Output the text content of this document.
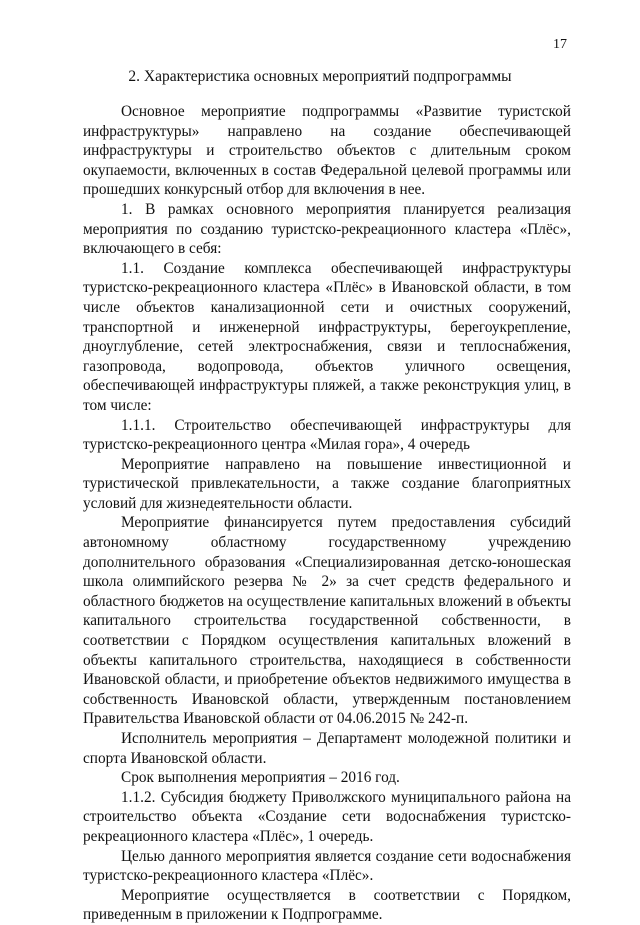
17
2. Характеристика основных мероприятий подпрограммы

Основное мероприятие подпрограммы «Развитие туристской инфраструктуры» направлено на создание обеспечивающей инфраструктуры и строительство объектов с длительным сроком окупаемости, включенных в состав Федеральной целевой программы или прошедших конкурсный отбор для включения в нее.

1. В рамках основного мероприятия планируется реализация мероприятия по созданию туристско-рекреационного кластера «Плёс», включающего в себя:

1.1. Создание комплекса обеспечивающей инфраструктуры туристско-рекреационного кластера «Плёс» в Ивановской области, в том числе объектов канализационной сети и очистных сооружений, транспортной и инженерной инфраструктуры, берегоукрепление, дноуглубление, сетей электроснабжения, связи и теплоснабжения, газопровода, водопровода, объектов уличного освещения, обеспечивающей инфраструктуры пляжей, а также реконструкция улиц, в том числе:

1.1.1. Строительство обеспечивающей инфраструктуры для туристско-рекреационного центра «Милая гора», 4 очередь

Мероприятие направлено на повышение инвестиционной и туристической привлекательности, а также создание благоприятных условий для жизнедеятельности области.

Мероприятие финансируется путем предоставления субсидий автономному областному государственному учреждению дополнительного образования «Специализированная детско-юношеская школа олимпийского резерва № 2» за счет средств федерального и областного бюджетов на осуществление капитальных вложений в объекты капитального строительства государственной собственности, в соответствии с Порядком осуществления капитальных вложений в объекты капитального строительства, находящиеся в собственности Ивановской области, и приобретение объектов недвижимого имущества в собственность Ивановской области, утвержденным постановлением Правительства Ивановской области от 04.06.2015 № 242-п.

Исполнитель мероприятия – Департамент молодежной политики и спорта Ивановской области.

Срок выполнения мероприятия – 2016 год.

1.1.2. Субсидия бюджету Приволжского муниципального района на строительство объекта «Создание сети водоснабжения туристско-рекреационного кластера «Плёс», 1 очередь.

Целью данного мероприятия является создание сети водоснабжения туристско-рекреационного кластера «Плёс».

Мероприятие осуществляется в соответствии с Порядком, приведенным в приложении к Подпрограмме.
